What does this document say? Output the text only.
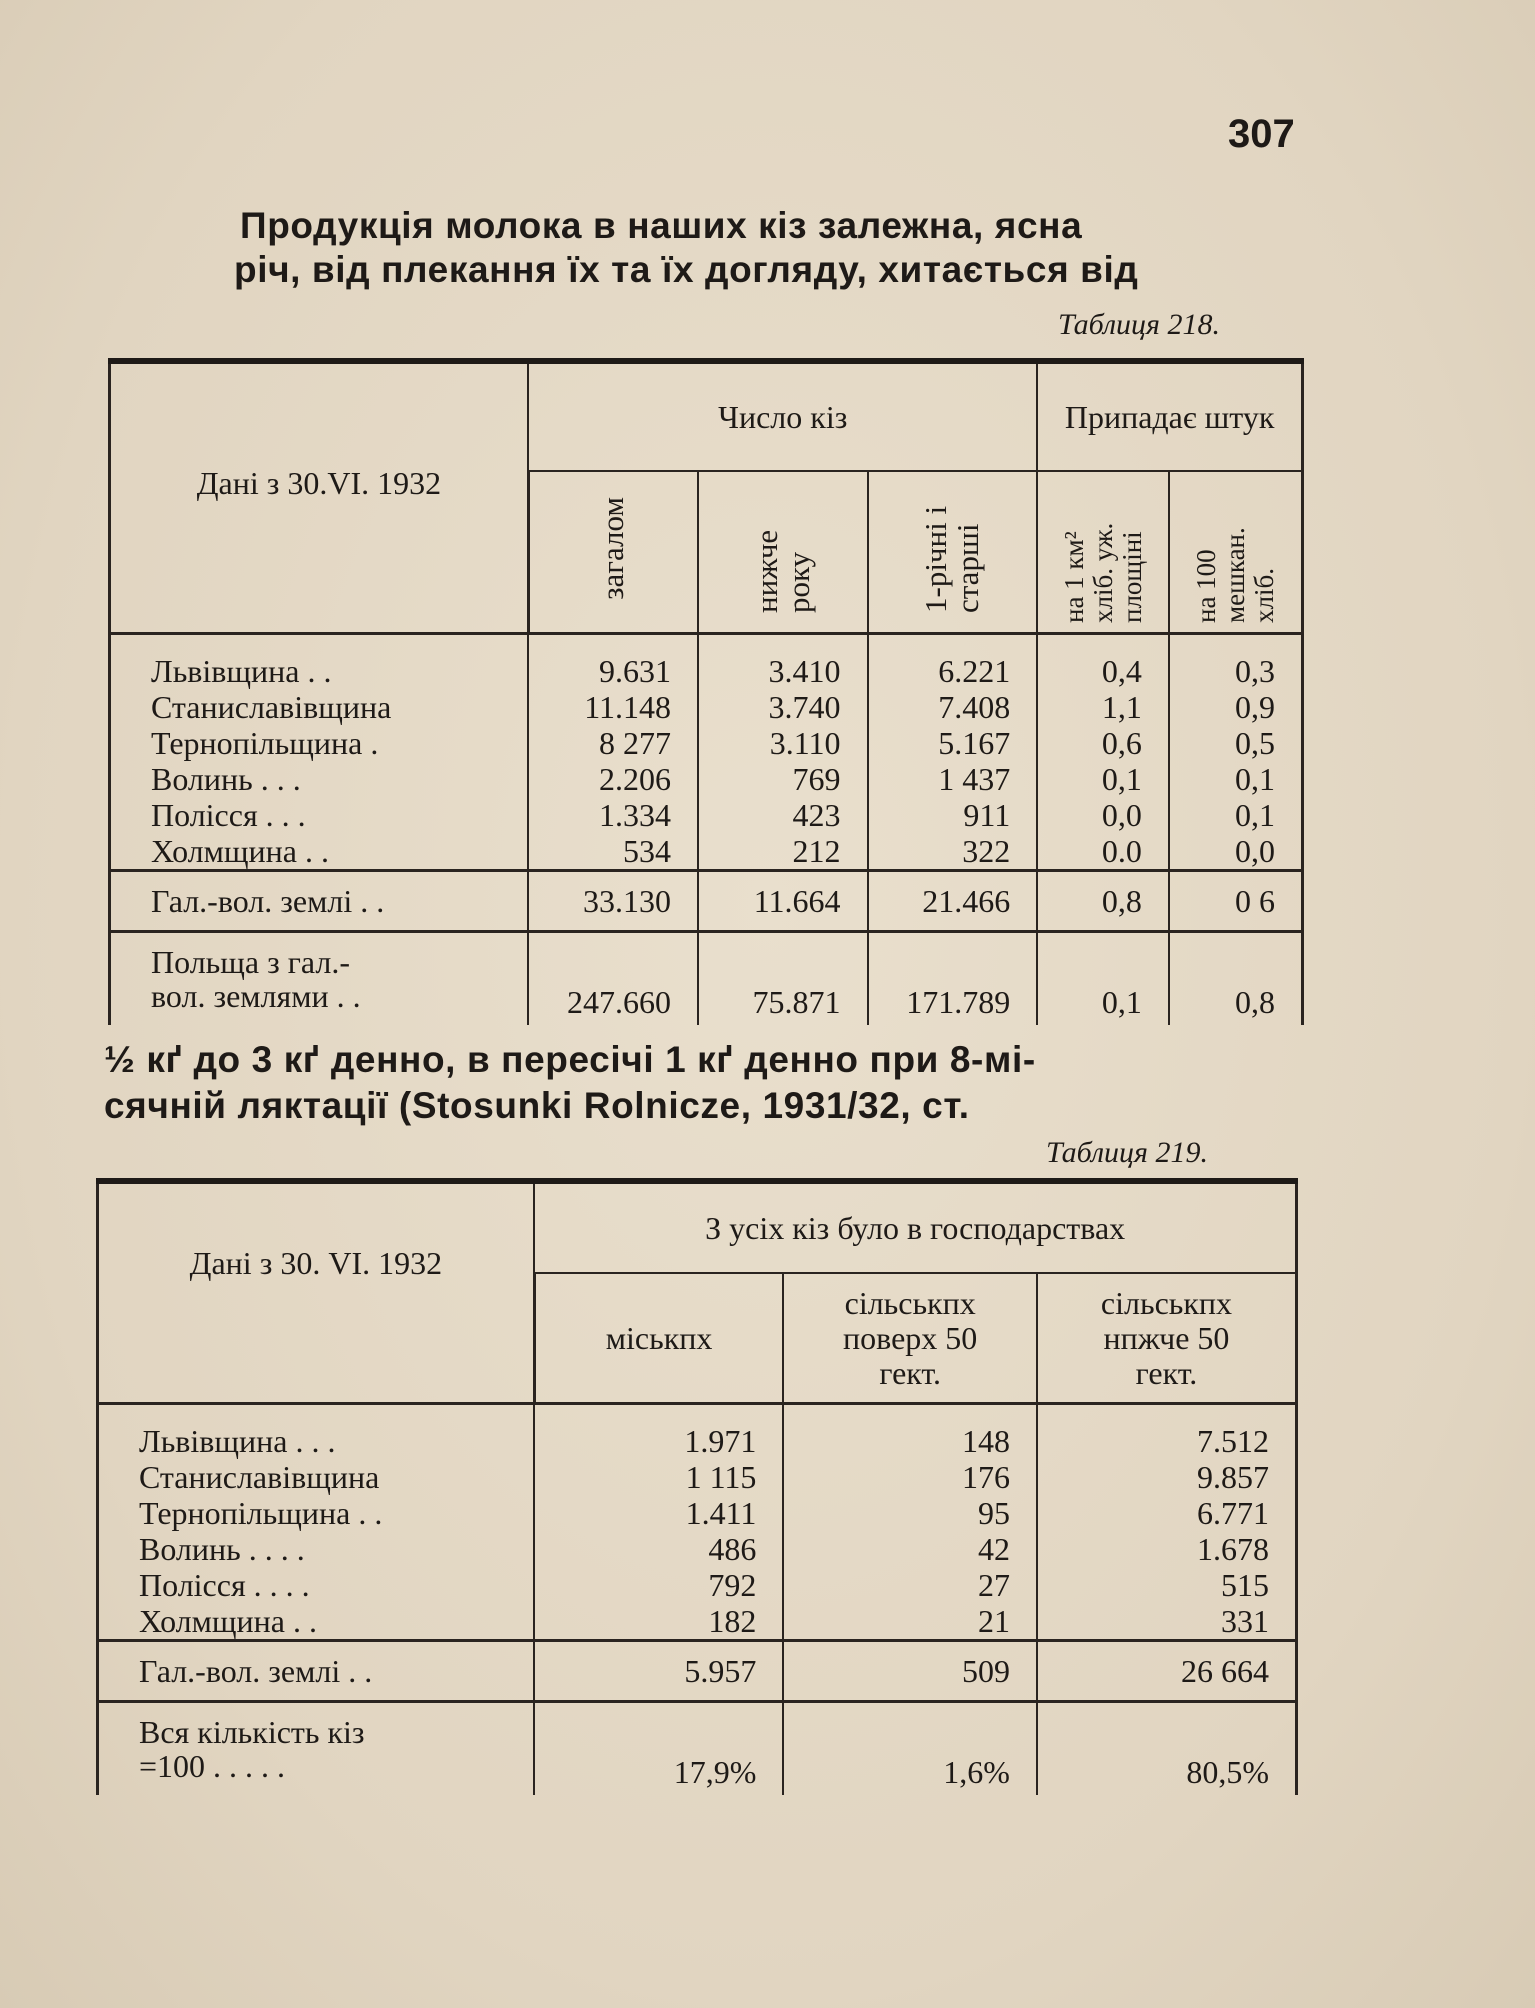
307
Продукція молока в наших кіз залежна, ясна
річ, від плекання їх та їх догляду, хитається від
Таблиця 218.
Дані з 30.VI. 1932	Число кіз			Припадає штук	
	загалом	нижче року	1-річні і старші	на 1 км² хліб. уж. площіні	на 100 мешкан. хліб.
Львівщина . .	9.631	3.410	6.221	0,4	0,3
Станиславівщина	11.148	3.740	7.408	1,1	0,9
Тернопільщина .	8 277	3.110	5.167	0,6	0,5
Волинь . . .	2.206	769	1 437	0,1	0,1
Полісся . . .	1.334	423	911	0,0	0,1
Холмщина . .	534	212	322	0.0	0,0
Гал.-вол. землі . .	33.130	11.664	21.466	0,8	0 6
Польща з гал.-
вол. землями . .	247.660	75.871	171.789	0,1	0,8
½ кґ до 3 кґ денно, в пересічі 1 кґ денно при 8-мі-
сячній ляктації (Stosunki Rolnicze, 1931/32, ст.
Таблиця 219.
Дані з 30. VI. 1932	З усіх кіз було в господарствах		
	міськпх	сільськпх поверх 50 гект.	сільськпх нпжче 50 гект.
Львівщина . . .	1.971	148	7.512
Станиславівщина	1 115	176	9.857
Тернопільщина . .	1.411	95	6.771
Волинь . . . .	486	42	1.678
Полісся . . . .	792	27	515
Холмщина . .	182	21	331
Гал.-вол. землі . .	5.957	509	26 664
Вся кількість кіз
=100 . . . . .	17,9%	1,6%	80,5%
